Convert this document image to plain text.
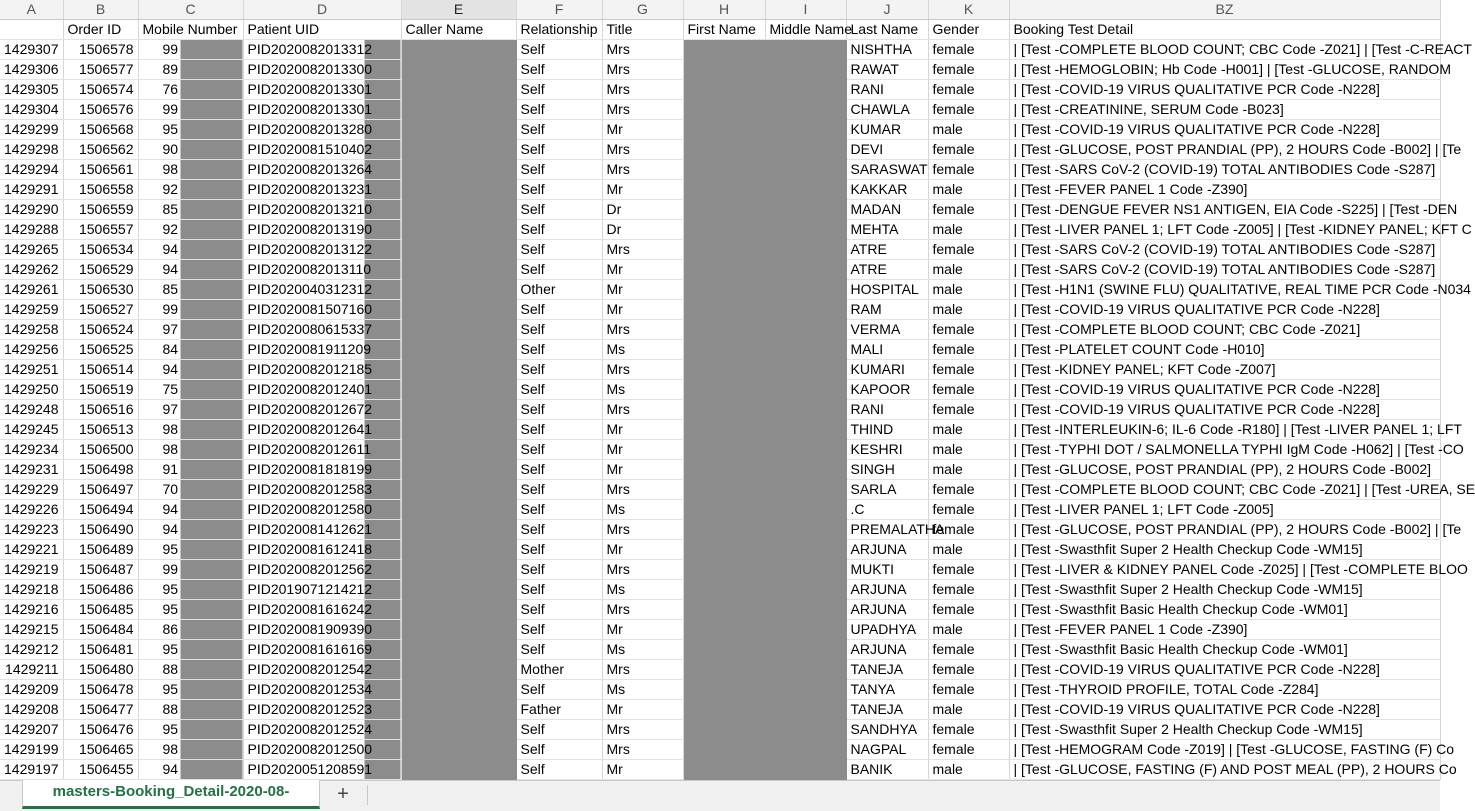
A	B	C	D	E	F	G	H	I	J	K	BZ
	Order ID	Mobile Number	Patient UID	Caller Name	Relationship	Title	First Name	Middle Name	Last Name	Gender	Booking Test Detail
1429307	1506578	99	PID2020082013312		Self	Mrs			NISHTHA	female	| [Test -COMPLETE BLOOD COUNT; CBC Code -Z021] | [Test -C-REACT
1429306	1506577	89	PID2020082013300		Self	Mrs			RAWAT	female	| [Test -HEMOGLOBIN; Hb Code -H001] | [Test -GLUCOSE, RANDOM
1429305	1506574	76	PID2020082013301		Self	Mrs			RANI	female	| [Test -COVID-19 VIRUS QUALITATIVE PCR Code -N228]
1429304	1506576	99	PID2020082013301		Self	Mrs			CHAWLA	female	| [Test -CREATININE, SERUM Code -B023]
1429299	1506568	95	PID2020082013280		Self	Mr			KUMAR	male	| [Test -COVID-19 VIRUS QUALITATIVE PCR Code -N228]
1429298	1506562	90	PID2020081510402		Self	Mrs			DEVI	female	| [Test -GLUCOSE, POST PRANDIAL (PP), 2 HOURS Code -B002] | [Te
1429294	1506561	98	PID2020082013264		Self	Mrs			SARASWAT	female	| [Test -SARS CoV-2 (COVID-19) TOTAL ANTIBODIES Code -S287]
1429291	1506558	92	PID2020082013231		Self	Mr			KAKKAR	male	| [Test -FEVER PANEL 1 Code -Z390]
1429290	1506559	85	PID2020082013210		Self	Dr			MADAN	female	| [Test -DENGUE FEVER NS1 ANTIGEN, EIA Code -S225] | [Test -DEN
1429288	1506557	92	PID2020082013190		Self	Dr			MEHTA	male	| [Test -LIVER PANEL 1; LFT Code -Z005] | [Test -KIDNEY PANEL; KFT C
1429265	1506534	94	PID2020082013122		Self	Mrs			ATRE	female	| [Test -SARS CoV-2 (COVID-19) TOTAL ANTIBODIES Code -S287]
1429262	1506529	94	PID2020082013110		Self	Mr			ATRE	male	| [Test -SARS CoV-2 (COVID-19) TOTAL ANTIBODIES Code -S287]
1429261	1506530	85	PID2020040312312		Other	Mr			HOSPITAL	male	| [Test -H1N1 (SWINE FLU) QUALITATIVE, REAL TIME PCR Code -N034
1429259	1506527	99	PID2020081507160		Self	Mr			RAM	male	| [Test -COVID-19 VIRUS QUALITATIVE PCR Code -N228]
1429258	1506524	97	PID2020080615337		Self	Mrs			VERMA	female	| [Test -COMPLETE BLOOD COUNT; CBC Code -Z021]
1429256	1506525	84	PID2020081911209		Self	Ms			MALI	female	| [Test -PLATELET COUNT Code -H010]
1429251	1506514	94	PID2020082012185		Self	Mrs			KUMARI	female	| [Test -KIDNEY PANEL; KFT Code -Z007]
1429250	1506519	75	PID2020082012401		Self	Ms			KAPOOR	female	| [Test -COVID-19 VIRUS QUALITATIVE PCR Code -N228]
1429248	1506516	97	PID2020082012672		Self	Mrs			RANI	female	| [Test -COVID-19 VIRUS QUALITATIVE PCR Code -N228]
1429245	1506513	98	PID2020082012641		Self	Mr			THIND	male	| [Test -INTERLEUKIN-6; IL-6 Code -R180] | [Test -LIVER PANEL 1; LFT
1429234	1506500	98	PID2020082012611		Self	Mr			KESHRI	male	| [Test -TYPHI DOT / SALMONELLA TYPHI IgM Code -H062] | [Test -CO
1429231	1506498	91	PID2020081818199		Self	Mr			SINGH	male	| [Test -GLUCOSE, POST PRANDIAL (PP), 2 HOURS Code -B002]
1429229	1506497	70	PID2020082012583		Self	Mrs			SARLA	female	| [Test -COMPLETE BLOOD COUNT; CBC Code -Z021] | [Test -UREA, SE
1429226	1506494	94	PID2020082012580		Self	Ms			.C	female	| [Test -LIVER PANEL 1; LFT Code -Z005]
1429223	1506490	94	PID2020081412621		Self	Mrs			PREMALATHA	female	| [Test -GLUCOSE, POST PRANDIAL (PP), 2 HOURS Code -B002] | [Te
1429221	1506489	95	PID2020081612418		Self	Mr			ARJUNA	male	| [Test -Swasthfit Super 2 Health Checkup Code -WM15]
1429219	1506487	99	PID2020082012562		Self	Mrs			MUKTI	female	| [Test -LIVER & KIDNEY PANEL Code -Z025] | [Test -COMPLETE BLOO
1429218	1506486	95	PID2019071214212		Self	Ms			ARJUNA	female	| [Test -Swasthfit Super 2 Health Checkup Code -WM15]
1429216	1506485	95	PID2020081616242		Self	Mrs			ARJUNA	female	| [Test -Swasthfit Basic Health Checkup Code -WM01]
1429215	1506484	86	PID2020081909390		Self	Mr			UPADHYA	male	| [Test -FEVER PANEL 1 Code -Z390]
1429212	1506481	95	PID2020081616169		Self	Ms			ARJUNA	female	| [Test -Swasthfit Basic Health Checkup Code -WM01]
1429211	1506480	88	PID2020082012542		Mother	Mrs			TANEJA	female	| [Test -COVID-19 VIRUS QUALITATIVE PCR Code -N228]
1429209	1506478	95	PID2020082012534		Self	Ms			TANYA	female	| [Test -THYROID PROFILE, TOTAL Code -Z284]
1429208	1506477	88	PID2020082012523		Father	Mr			TANEJA	male	| [Test -COVID-19 VIRUS QUALITATIVE PCR Code -N228]
1429207	1506476	95	PID2020082012524		Self	Mrs			SANDHYA	female	| [Test -Swasthfit Super 2 Health Checkup Code -WM15]
1429199	1506465	98	PID2020082012500		Self	Mrs			NAGPAL	female	| [Test -HEMOGRAM Code -Z019] | [Test -GLUCOSE, FASTING (F) Co
1429197	1506455	94	PID2020051208591		Self	Mr			BANIK	male	| [Test -GLUCOSE, FASTING (F) AND POST MEAL (PP), 2 HOURS Co
masters-Booking_Detail-2020-08-	+
